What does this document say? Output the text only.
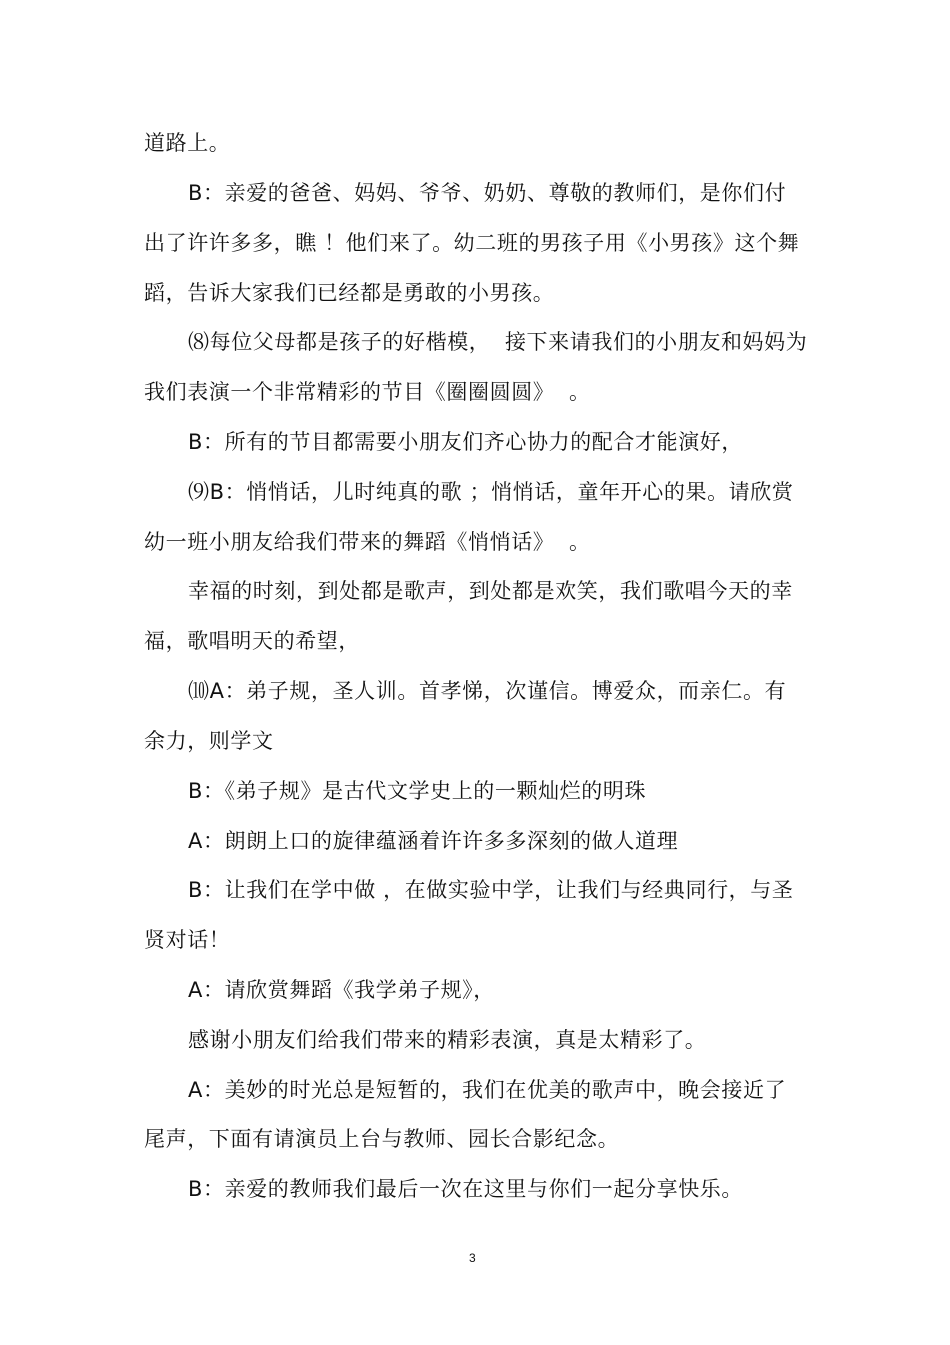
道路上。
B：亲爱的爸爸、妈妈、爷爷、奶奶、尊敬的教师们，是你们付
出了许许多多，瞧 ！他们来了。幼二班的男孩子用《小男孩》这个舞
蹈，告诉大家我们已经都是勇敢的小男孩。
⑻每位父母都是孩子的好楷模，  接下来请我们的小朋友和妈妈为
我们表演一个非常精彩的节目《圈圈圆圆》  。
B：所有的节目都需要小朋友们齐心协力的配合才能演好，
⑼B：悄悄话，儿时纯真的歌 ；悄悄话，童年开心的果。请欣赏
幼一班小朋友给我们带来的舞蹈《悄悄话》  。
幸福的时刻，到处都是歌声，到处都是欢笑，我们歌唱今天的幸
福，歌唱明天的希望，
⑽A：弟子规，圣人训。首孝悌，次谨信。博爱众，而亲仁。有
余力，则学文
B：《弟子规》是古代文学史上的一颗灿烂的明珠
A：朗朗上口的旋律蕴涵着许许多多深刻的做人道理
B：让我们在学中做 ，在做实验中学，让我们与经典同行，与圣
贤对话！
A：请欣赏舞蹈《我学弟子规》，
感谢小朋友们给我们带来的精彩表演，真是太精彩了。
A：美妙的时光总是短暂的，我们在优美的歌声中，晚会接近了
尾声，下面有请演员上台与教师、园长合影纪念。
B：亲爱的教师我们最后一次在这里与你们一起分享快乐。
3
